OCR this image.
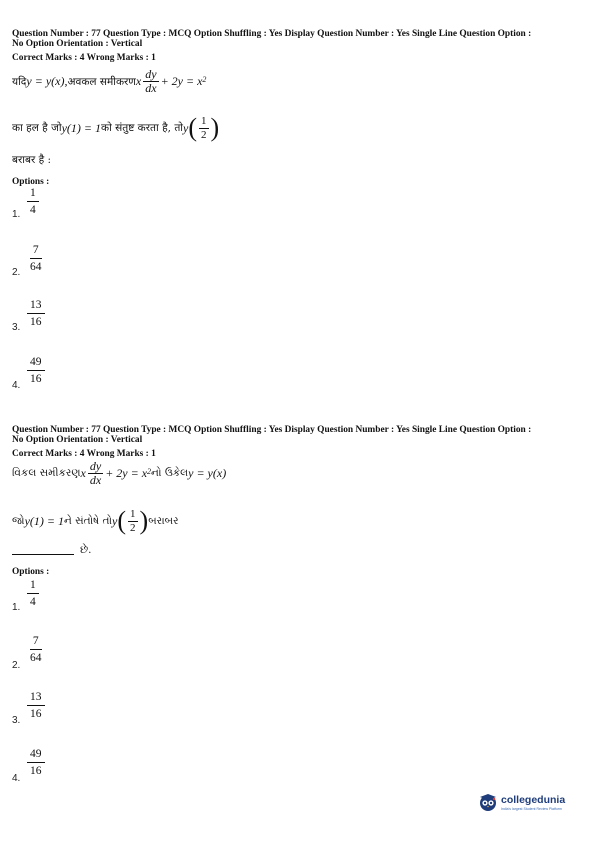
Question Number : 77 Question Type : MCQ Option Shuffling : Yes Display Question Number : Yes Single Line Question Option :
No Option Orientation : Vertical
Correct Marks : 4 Wrong Marks : 1
यदि y = y(x), अवकल समीकरण x $\frac{dy}{dx} + 2y = x$ 2
का हल है जो y(1) = 1 को संतुष्ट करता है, तो y ( $\frac{1}{2}$ )
बराबर है :
Options :
1. $\frac{1}{4}$
2. $\frac{7}{64}$
3. $\frac{13}{16}$
4.
$\frac{49}{16}$
Question Number : 77 Question Type : MCQ Option Shuffling : Yes Display Question Number : Yes Single Line Question Option :
No Option Orientation : Vertical
Correct Marks : 4 Wrong Marks : 1
વિકલ સમીકરણ x $\frac{dy}{dx} + 2y = x$ 2 નો ઉકેલ y = y(x)
જો y(1) = 1 ને સંતોષે તો y ( $\frac{1}{2}$ ) બરાબર
છે.
Options :
1. $\frac{1}{4}$
2.
$\frac{7}{64}$
3.
$\frac{13}{16}$
4.
$\frac{49}{16}$
collegedunia
India's largest Student Review Platform
